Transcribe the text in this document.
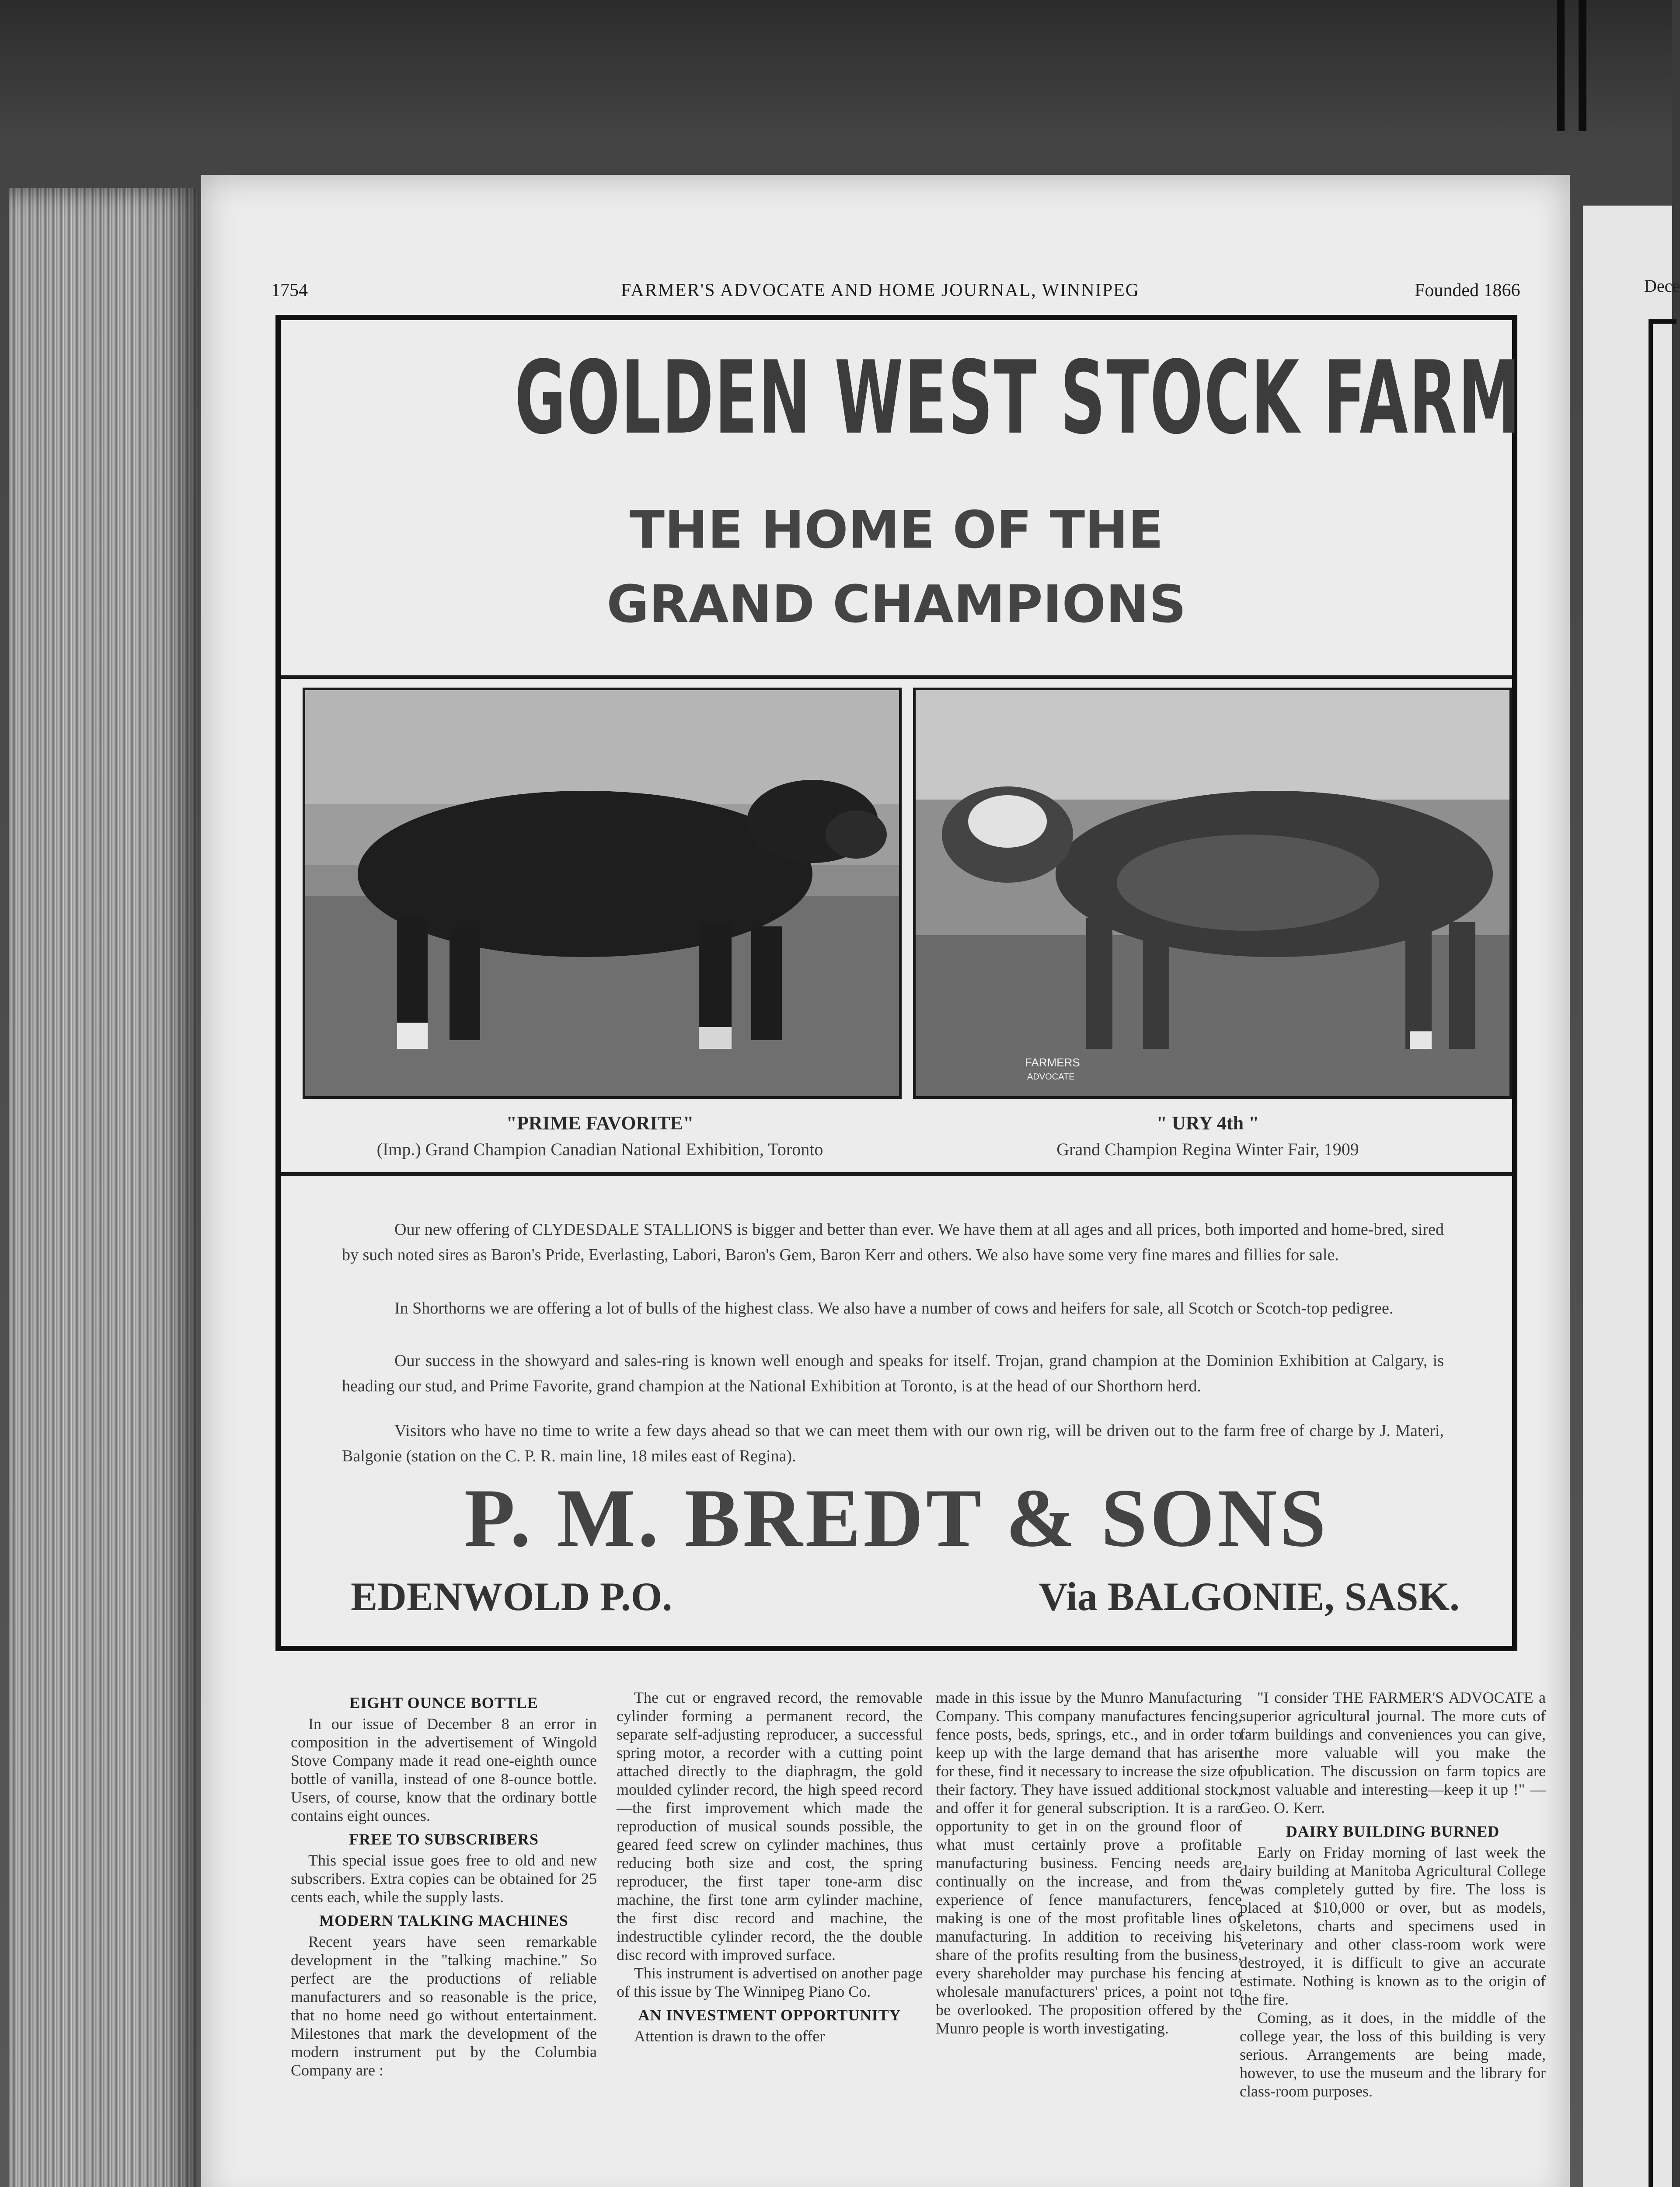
Dece
1754	FARMER'S ADVOCATE AND HOME JOURNAL, WINNIPEG	Founded 1866
GOLDEN WEST STOCK FARM
THE HOME OF THE
GRAND CHAMPIONS
FARMERS
ADVOCATE
"PRIME FAVORITE"
(Imp.) Grand Champion Canadian National Exhibition, Toronto
" URY 4th "
Grand Champion Regina Winter Fair, 1909

Our new offering of CLYDESDALE STALLIONS is bigger and better than ever. We have them at all ages and all prices, both imported and home-bred, sired by such noted sires as Baron's Pride, Everlasting, Labori, Baron's Gem, Baron Kerr and others. We also have some very fine mares and fillies for sale.

In Shorthorns we are offering a lot of bulls of the highest class. We also have a number of cows and heifers for sale, all Scotch or Scotch-top pedigree.

Our success in the showyard and sales-ring is known well enough and speaks for itself. Trojan, grand champion at the Dominion Exhibition at Calgary, is heading our stud, and Prime Favorite, grand champion at the National Exhibition at Toronto, is at the head of our Shorthorn herd.

Visitors who have no time to write a few days ahead so that we can meet them with our own rig, will be driven out to the farm free of charge by J. Materi, Balgonie (station on the C. P. R. main line, 18 miles east of Regina).

P. M. BREDT & SONS
EDENWOLD P.O.	Via BALGONIE, SASK.
EIGHT OUNCE BOTTLE

In our issue of December 8 an error in composition in the advertisement of Wingold Stove Company made it read one-eighth ounce bottle of vanilla, instead of one 8-ounce bottle. Users, of course, know that the ordinary bottle contains eight ounces.

FREE TO SUBSCRIBERS

This special issue goes free to old and new subscribers. Extra copies can be obtained for 25 cents each, while the supply lasts.

MODERN TALKING MACHINES

Recent years have seen remarkable development in the "talking machine." So perfect are the productions of reliable manufacturers and so reasonable is the price, that no home need go without entertainment. Milestones that mark the development of the modern instrument put by the Columbia Company are :

The cut or engraved record, the removable cylinder forming a permanent record, the separate self-adjusting reproducer, a successful spring motor, a recorder with a cutting point attached directly to the diaphragm, the gold moulded cylinder record, the high speed record—the first improvement which made the reproduction of musical sounds possible, the geared feed screw on cylinder machines, thus reducing both size and cost, the spring reproducer, the first taper tone-arm disc machine, the first tone arm cylinder machine, the first disc record and machine, the indestructible cylinder record, the the double disc record with improved surface.

This instrument is advertised on another page of this issue by The Winnipeg Piano Co.

AN INVESTMENT OPPORTUNITY

Attention is drawn to the offer

made in this issue by the Munro Manufacturing Company. This company manufactures fencing, fence posts, beds, springs, etc., and in order to keep up with the large demand that has arisen for these, find it necessary to increase the size of their factory. They have issued additional stock, and offer it for general subscription. It is a rare opportunity to get in on the ground floor of what must certainly prove a profitable manufacturing business. Fencing needs are continually on the increase, and from the experience of fence manufacturers, fence making is one of the most profitable lines of manufacturing. In addition to receiving his share of the profits resulting from the business, every shareholder may purchase his fencing at wholesale manufacturers' prices, a point not to be overlooked. The proposition offered by the Munro people is worth investigating.

"I consider THE FARMER'S ADVOCATE a superior agricultural journal. The more cuts of farm buildings and conveniences you can give, the more valuable will you make the publication. The discussion on farm topics are most valuable and interesting—keep it up !" —Geo. O. Kerr.

DAIRY BUILDING BURNED

Early on Friday morning of last week the dairy building at Manitoba Agricultural College was completely gutted by fire. The loss is placed at $10,000 or over, but as models, skeletons, charts and specimens used in veterinary and other class-room work were destroyed, it is difficult to give an accurate estimate. Nothing is known as to the origin of the fire.

Coming, as it does, in the middle of the college year, the loss of this building is very serious. Arrangements are being made, however, to use the museum and the library for class-room purposes.
